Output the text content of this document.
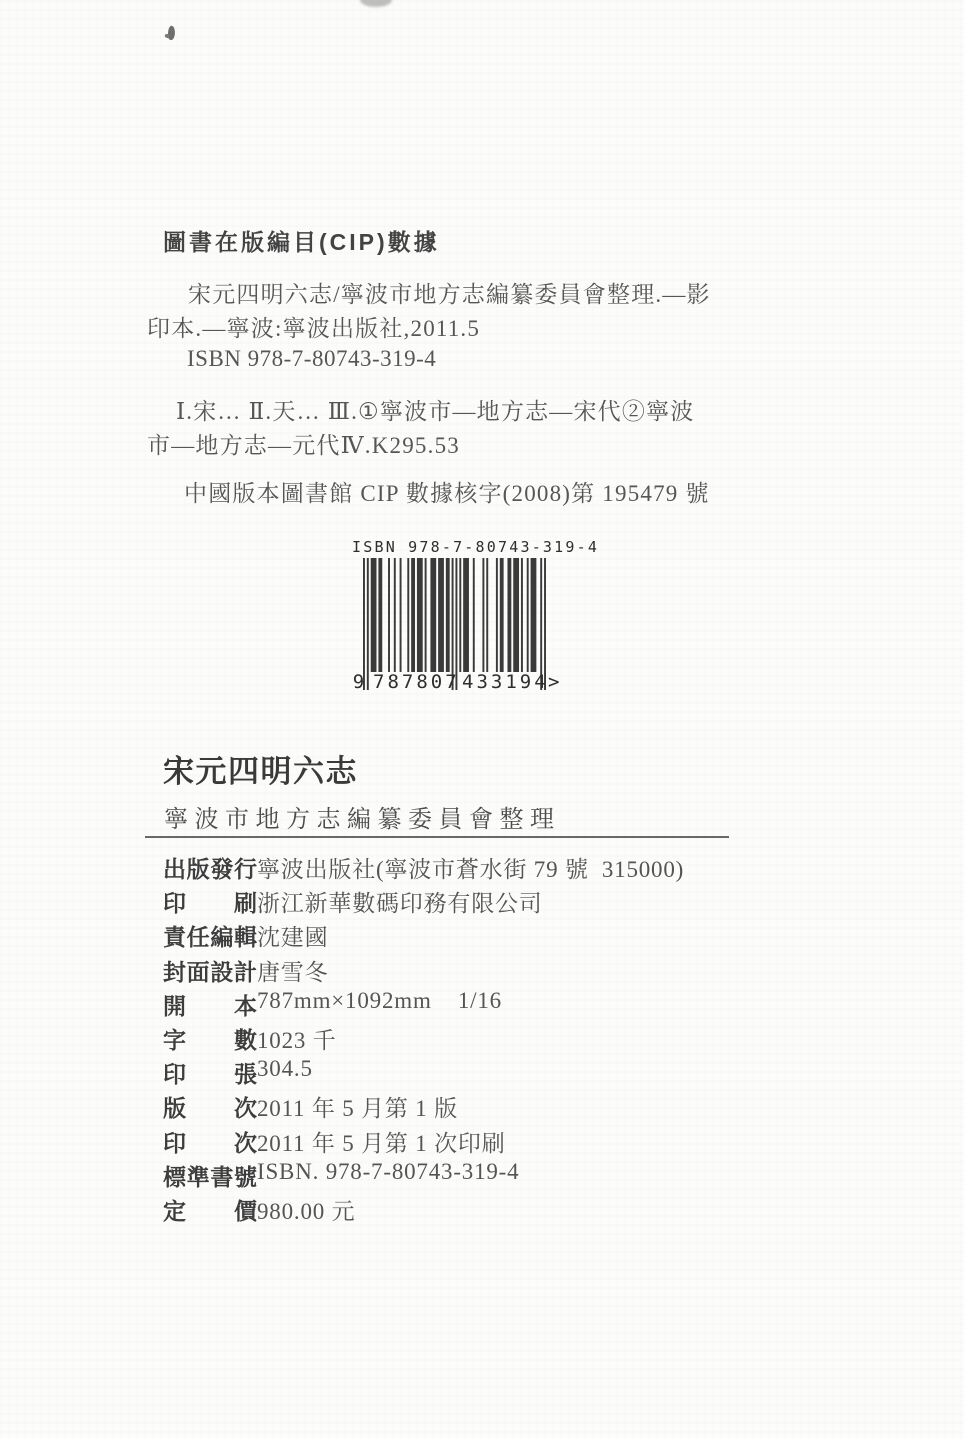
圖書在版編目(CIP)數據
宋元四明六志/寧波市地方志編纂委員會整理.—影
印本.—寧波:寧波出版社,2011.5
ISBN 978-7-80743-319-4
Ⅰ.宋… Ⅱ.天… Ⅲ.①寧波市—地方志—宋代②寧波
市—地方志—元代Ⅳ.K295.53
中國版本圖書館 CIP 數據核字(2008)第 195479 號
ISBN 978-7-80743-319-4
9 787807 433194 >
宋元四明六志
寧波市地方志編纂委員會整理
出版發行 寧波出版社(寧波市蒼水街 79 號  315000)
印刷 浙江新華數碼印務有限公司
責任編輯 沈建國
封面設計 唐雪冬
開本 787mm×1092mm    1/16
字數 1023 千
印張 304.5
版次 2011 年 5 月第 1 版
印次 2011 年 5 月第 1 次印刷
標準書號 ISBN. 978-7-80743-319-4
定價 980.00 元
